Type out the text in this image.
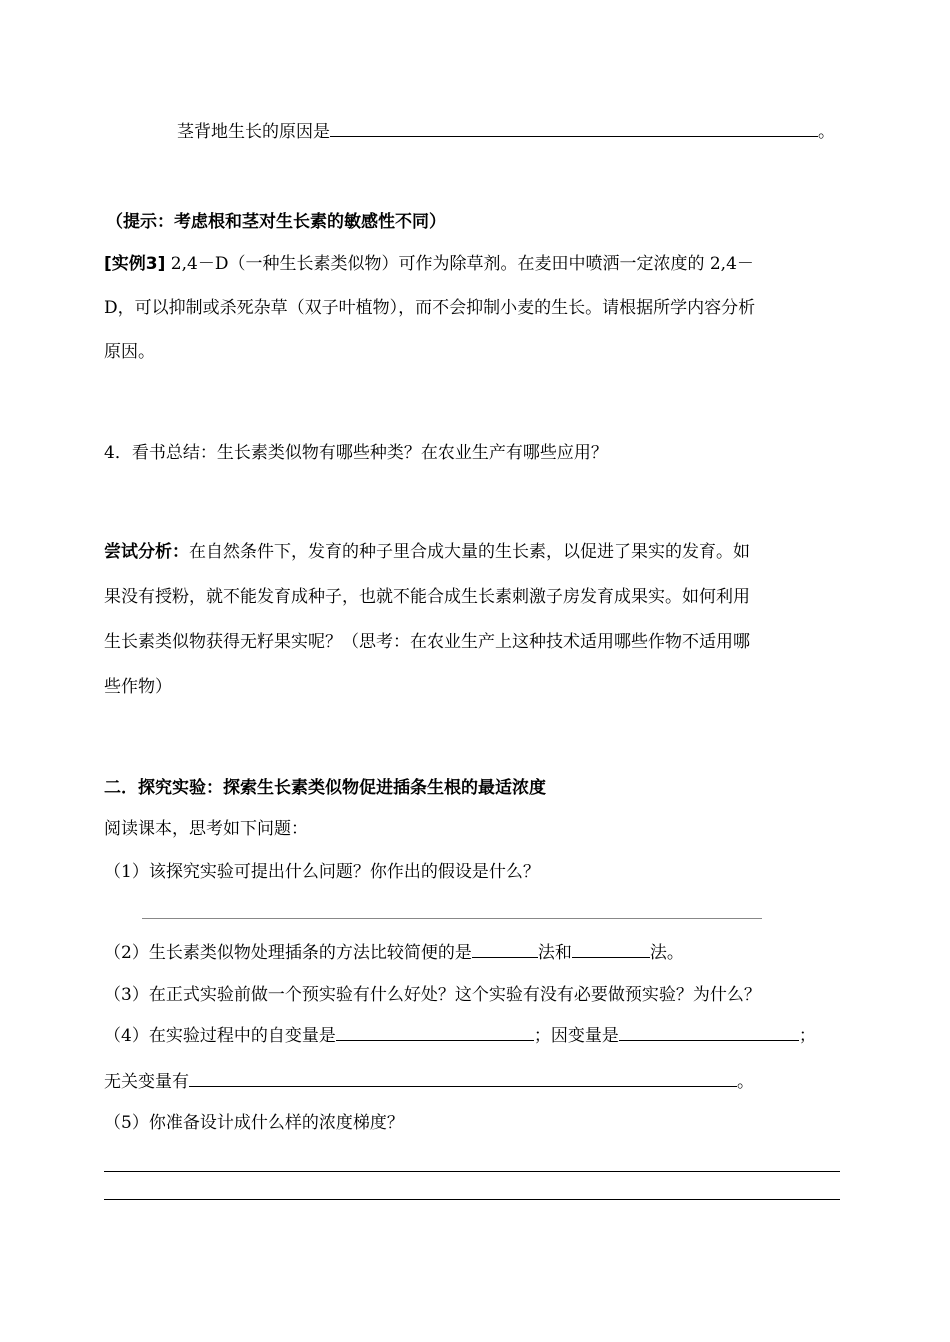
茎背地生长的原因是	。
（提示：考虑根和茎对生长素的敏感性不同）
[实例3] 2,4－D（一种生长素类似物）可作为除草剂。在麦田中喷洒一定浓度的 2,4－
D，可以抑制或杀死杂草（双子叶植物），而不会抑制小麦的生长。请根据所学内容分析
原因。
4．看书总结：生长素类似物有哪些种类？在农业生产有哪些应用？
尝试分析：在自然条件下，发育的种子里合成大量的生长素，以促进了果实的发育。如
果没有授粉，就不能发育成种子，也就不能合成生长素刺激子房发育成果实。如何利用
生长素类似物获得无籽果实呢？（思考：在农业生产上这种技术适用哪些作物不适用哪
些作物）
二．探究实验：探索生长素类似物促进插条生根的最适浓度
阅读课本，思考如下问题：
（1）该探究实验可提出什么问题？你作出的假设是什么？
（2）生长素类似物处理插条的方法比较简便的是	法和	法。
（3）在正式实验前做一个预实验有什么好处？这个实验有没有必要做预实验？为什么？
（4）在实验过程中的自变量是	；因变量是	；
无关变量有	。
（5）你准备设计成什么样的浓度梯度？
